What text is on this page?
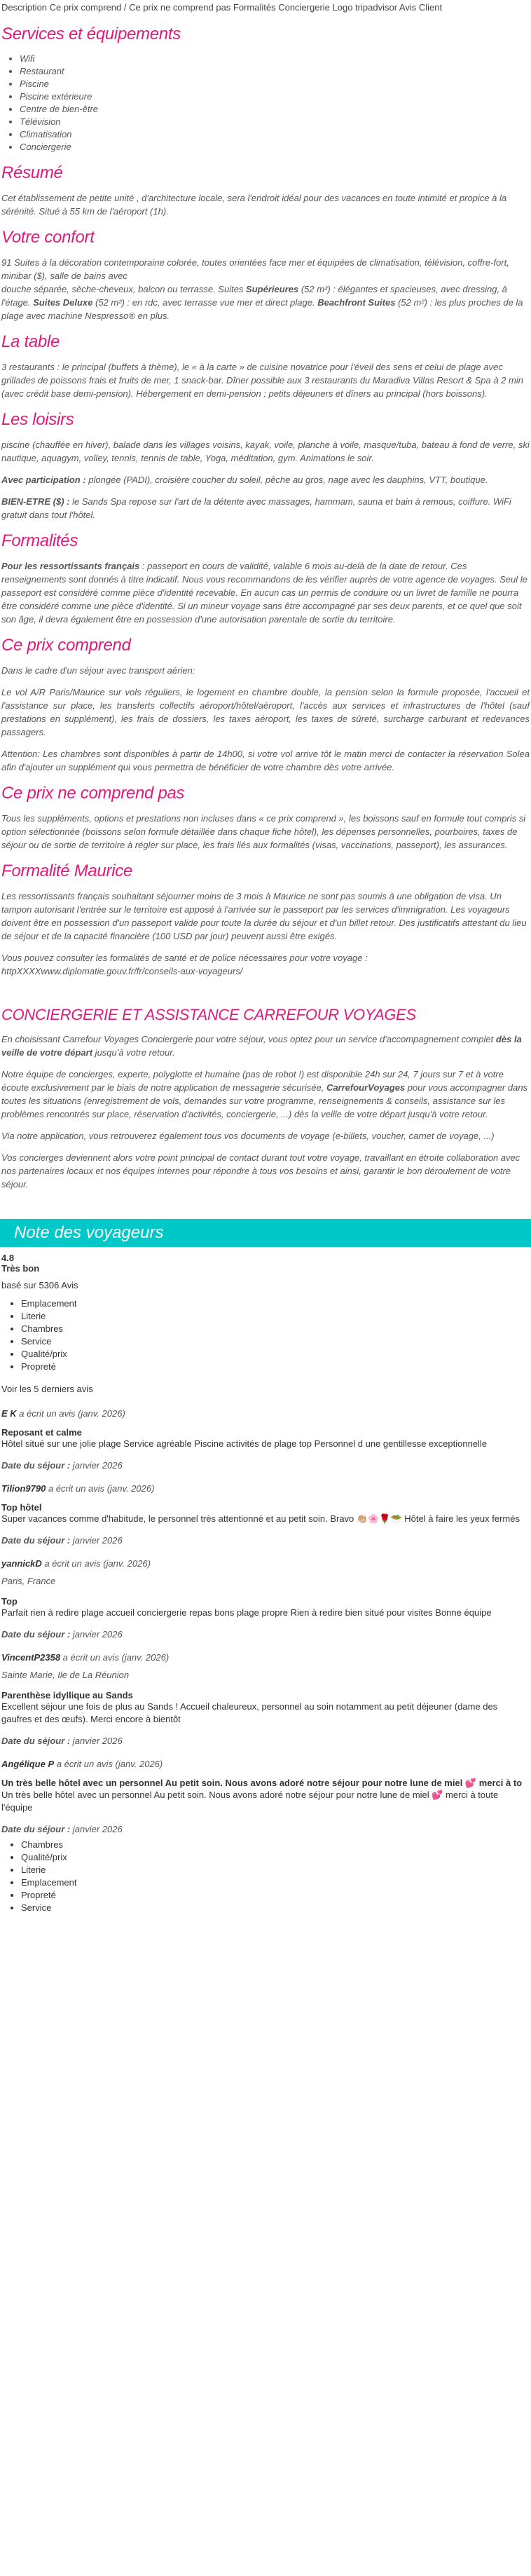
Description Ce prix comprend / Ce prix ne comprend pas Formalités Conciergerie Logo tripadvisor Avis Client
Services et équipements
• Wifi
• Restaurant
• Piscine
• Piscine extérieure
• Centre de bien-être
• Télévision
• Climatisation
• Conciergerie
Résumé

Cet établissement de petite unité , d'architecture locale, sera l'endroit idéal pour des vacances en toute intimité et propice à la sérénité. Situé à 55 km de l'aéroport (1h).

Votre confort

91 Suites à la décoration contemporaine colorée, toutes orientées face mer et équipées de climatisation, télévision, coffre-fort, minibar ($), salle de bains avec
douche séparée, sèche-cheveux, balcon ou terrasse. Suites Supérieures (52 m²) : élégantes et spacieuses, avec dressing, à l'étage. Suites Deluxe (52 m²) : en rdc, avec terrasse vue mer et direct plage. Beachfront Suites (52 m²) : les plus proches de la plage avec machine Nespresso® en plus.

La table

3 restaurants : le principal (buffets à thème), le « à la carte » de cuisine novatrice pour l'éveil des sens et celui de plage avec grillades de poissons frais et fruits de mer, 1 snack-bar. Dîner possible aux 3 restaurants du Maradiva Villas Resort & Spa à 2 min (avec crédit base demi-pension). Hébergement en demi-pension : petits déjeuners et dîners au principal (hors boissons).

Les loisirs

piscine (chauffée en hiver), balade dans les villages voisins, kayak, voile, planche à voile, masque/tuba, bateau à fond de verre, ski nautique, aquagym, volley, tennis, tennis de table, Yoga, méditation, gym. Animations le soir.

Avec participation : plongée (PADI), croisière coucher du soleil, pêche au gros, nage avec les dauphins, VTT, boutique.

BIEN-ETRE ($) : le Sands Spa repose sur l'art de la détente avec massages, hammam, sauna et bain à remous, coiffure. WiFi gratuit dans tout l'hôtel.

Formalités

Pour les ressortissants français : passeport en cours de validité, valable 6 mois au-delà de la date de retour. Ces renseignements sont donnés à titre indicatif. Nous vous recommandons de les vérifier auprès de votre agence de voyages. Seul le passeport est considéré comme pièce d'identité recevable. En aucun cas un permis de conduire ou un livret de famille ne pourra être considéré comme une pièce d'identité. Si un mineur voyage sans être accompagné par ses deux parents, et ce quel que soit son âge, il devra également être en possession d'une autorisation parentale de sortie du territoire.

Ce prix comprend

Dans le cadre d'un séjour avec transport aérien:

Le vol A/R Paris/Maurice sur vols réguliers, le logement en chambre double, la pension selon la formule proposée, l'accueil et l'assistance sur place, les transferts collectifs aéroport/hôtel/aéroport, l'accès aux services et infrastructures de l'hôtel (sauf prestations en supplément), les frais de dossiers, les taxes aéroport, les taxes de sûreté, surcharge carburant et redevances passagers.

Attention: Les chambres sont disponibles à partir de 14h00, si votre vol arrive tôt le matin merci de contacter la réservation Solea afin d'ajouter un supplément qui vous permettra de bénéficier de votre chambre dès votre arrivée.

Ce prix ne comprend pas

Tous les suppléments, options et prestations non incluses dans « ce prix comprend », les boissons sauf en formule tout compris si option sélectionnée (boissons selon formule détaillée dans chaque fiche hôtel), les dépenses personnelles, pourboires, taxes de séjour ou de sortie de territoire à régler sur place, les frais liés aux formalités (visas, vaccinations, passeport), les assurances.

Formalité Maurice

Les ressortissants français souhaitant séjourner moins de 3 mois à Maurice ne sont pas soumis à une obligation de visa. Un tampon autorisant l'entrée sur le territoire est apposé à l'arrivée sur le passeport par les services d'immigration. Les voyageurs doivent être en possession d'un passeport valide pour toute la durée du séjour et d'un billet retour. Des justificatifs attestant du lieu de séjour et de la capacité financière (100 USD par jour) peuvent aussi être exigés.

Vous pouvez consulter les formalités de santé et de police nécessaires pour votre voyage :
httpXXXXwww.diplomatie.gouv.fr/fr/conseils-aux-voyageurs/

CONCIERGERIE ET ASSISTANCE CARREFOUR VOYAGES

En choisissant Carrefour Voyages Conciergerie pour votre séjour, vous optez pour un service d'accompagnement complet dès la veille de votre départ jusqu'à votre retour.

Notre équipe de concierges, experte, polyglotte et humaine (pas de robot !) est disponible 24h sur 24, 7 jours sur 7 et à votre écoute exclusivement par le biais de notre application de messagerie sécurisée, CarrefourVoyages pour vous accompagner dans toutes les situations (enregistrement de vols, demandes sur votre programme, renseignements & conseils, assistance sur les problèmes rencontrés sur place, réservation d'activités, conciergerie, ...) dès la veille de votre départ jusqu'à votre retour.

Via notre application, vous retrouverez également tous vos documents de voyage (e-billets, voucher, carnet de voyage, ...)

Vos concierges deviennent alors votre point principal de contact durant tout votre voyage, travaillant en étroite collaboration avec nos partenaires locaux et nos équipes internes pour répondre à tous vos besoins et ainsi, garantir le bon déroulement de votre séjour.

Note des voyageurs
4.8
Très bon
basé sur 5306 Avis
• Emplacement
• Literie
• Chambres
• Service
• Qualité/prix
• Propreté
Voir les 5 derniers avis
E K a écrit un avis (janv. 2026)
Reposant et calme
Hôtel situé sur une jolie plage Service agréable Piscine activités de plage top Personnel d une gentillesse exceptionnelle
Date du séjour : janvier 2026
Tilion9790 a écrit un avis (janv. 2026)
Top hôtel
Super vacances comme d'habitude, le personnel très attentionné et au petit soin. Bravo 👏🏼🌸🌹🥗 Hôtel à faire les yeux fermés
Date du séjour : janvier 2026
yannickD a écrit un avis (janv. 2026)
Paris, France
Top
Parfait rien à redire plage accueil conciergerie repas bons plage propre Rien à redire bien situé pour visites Bonne équipe
Date du séjour : janvier 2026
VincentP2358 a écrit un avis (janv. 2026)
Sainte Marie, Ile de La Réunion
Parenthèse idyllique au Sands
Excellent séjour une fois de plus au Sands ! Accueil chaleureux, personnel au soin notamment au petit déjeuner (dame des gaufres et des œufs). Merci encore à bientôt
Date du séjour : janvier 2026
Angélique P a écrit un avis (janv. 2026)
Un très belle hôtel avec un personnel Au petit soin. Nous avons adoré notre séjour pour notre lune de miel 💕 merci à to
Un très belle hôtel avec un personnel Au petit soin. Nous avons adoré notre séjour pour notre lune de miel 💕 merci à toute l'équipe
Date du séjour : janvier 2026
• Chambres
• Qualité/prix
• Literie
• Emplacement
• Propreté
• Service
